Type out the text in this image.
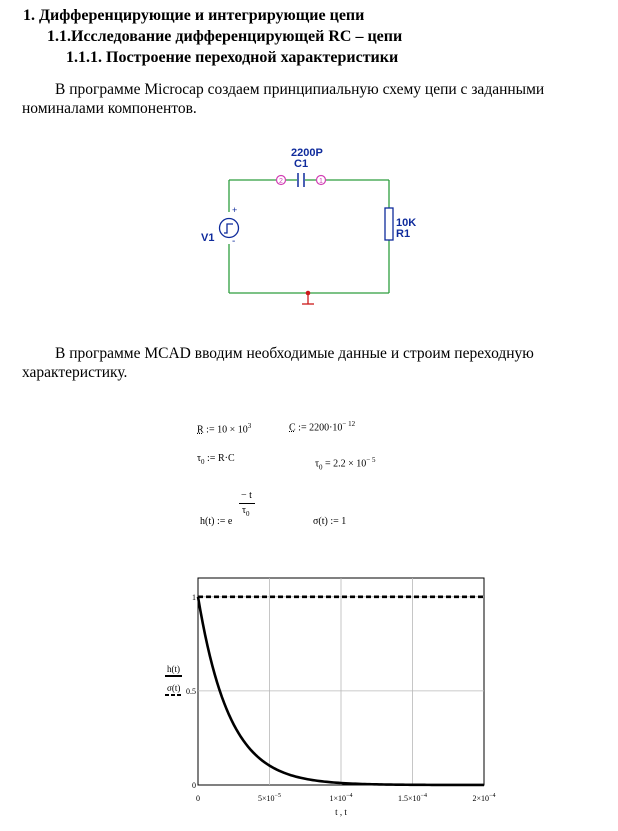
1. Дифференцирующие и интегрирующие цепи
1.1.Исследование дифференцирующей RC – цепи
1.1.1. Построение переходной характеристики
В программе Microcap создаем принципиальную схему цепи с заданными номиналами компонентов.
2	1
+
-
2200P
C1
10K
R1
V1
В программе MCAD вводим необходимые данные и строим переходную характеристику.
R := $10 \times 10^3$	C := $2200\cdot 10^{- 12}$
$\tau_0$ := R·C	$\tau_0 = 2.2 \times 10^{- 5}$
− t
$\tau_0$
h(t) := e	σ(t) := 1
0	$5\times 10^{-5}$	$1\times 10^{-4}$	$1.5\times 10^{-4}$	$2\times 10^{-4}$
0
0.5
1
h(t)
σ(t)
t , t
